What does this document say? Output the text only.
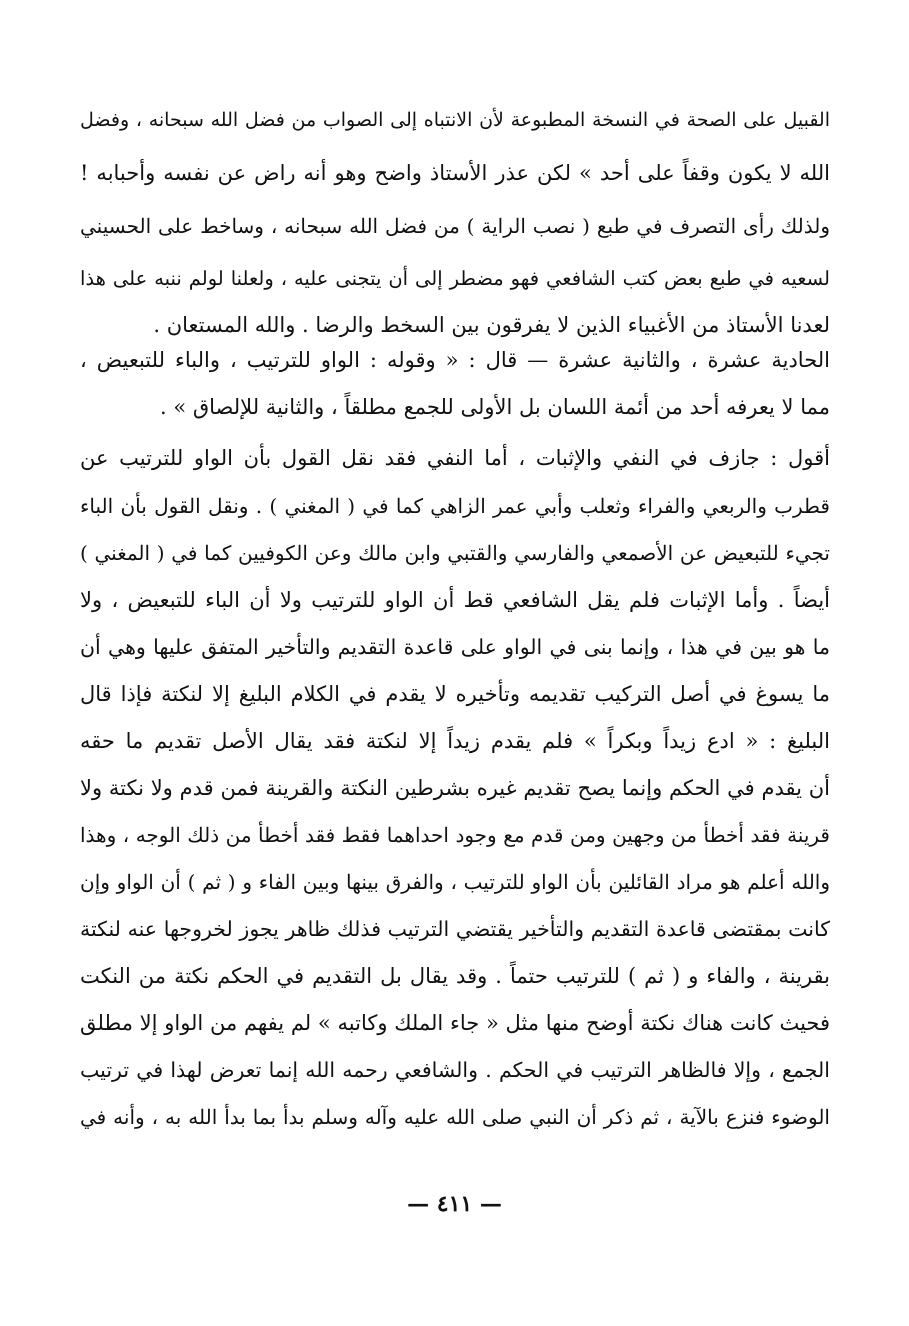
القبيل على الصحة في النسخة المطبوعة لأن الانتباه إلى الصواب من فضل الله سبحانه ، وفضل
الله لا يكون وقفاً على أحد » لكن عذر الأستاذ واضح وهو أنه راض عن نفسه وأحبابه !
ولذلك رأى التصرف في طبع ( نصب الراية ) من فضل الله سبحانه ، وساخط على الحسيني
لسعيه في طبع بعض كتب الشافعي فهو مضطر إلى أن يتجنى عليه ، ولعلنا لولم ننبه على هذا
لعدنا الأستاذ من الأغبياء الذين لا يفرقون بين السخط والرضا . والله المستعان .
الحادية عشرة ، والثانية عشرة — قال : « وقوله : الواو للترتيب ، والباء للتبعيض ،
مما لا يعرفه أحد من أئمة اللسان بل الأولى للجمع مطلقاً ، والثانية للإلصاق » .
أقول : جازف في النفي والإثبات ، أما النفي فقد نقل القول بأن الواو للترتيب عن
قطرب والربعي والفراء وثعلب وأبي عمر الزاهي كما في ( المغني ) . ونقل القول بأن الباء
تجيء للتبعيض عن الأصمعي والفارسي والقتبي وابن مالك وعن الكوفيين كما في ( المغني )
أيضاً . وأما الإثبات فلم يقل الشافعي قط أن الواو للترتيب ولا أن الباء للتبعيض ، ولا
ما هو بين في هذا ، وإنما بنى في الواو على قاعدة التقديم والتأخير المتفق عليها وهي أن
ما يسوغ في أصل التركيب تقديمه وتأخيره لا يقدم في الكلام البليغ إلا لنكتة فإذا قال
البليغ : « ادع زيداً وبكراً » فلم يقدم زيداً إلا لنكتة فقد يقال الأصل تقديم ما حقه
أن يقدم في الحكم وإنما يصح تقديم غيره بشرطين النكتة والقرينة فمن قدم ولا نكتة ولا
قرينة فقد أخطأ من وجهين ومن قدم مع وجود احداهما فقط فقد أخطأ من ذلك الوجه ، وهذا
والله أعلم هو مراد القائلين بأن الواو للترتيب ، والفرق بينها وبين الفاء و ( ثم ) أن الواو وإن
كانت بمقتضى قاعدة التقديم والتأخير يقتضي الترتيب فذلك ظاهر يجوز لخروجها عنه لنكتة
بقرينة ، والفاء و ( ثم ) للترتيب حتماً . وقد يقال بل التقديم في الحكم نكتة من النكت
فحيث كانت هناك نكتة أوضح منها مثل « جاء الملك وكاتبه » لم يفهم من الواو إلا مطلق
الجمع ، وإلا فالظاهر الترتيب في الحكم . والشافعي رحمه الله إنما تعرض لهذا في ترتيب
الوضوء فنزع بالآية ، ثم ذكر أن النبي صلى الله عليه وآله وسلم بدأ بما بدأ الله به ، وأنه في
— ٤١١ —
